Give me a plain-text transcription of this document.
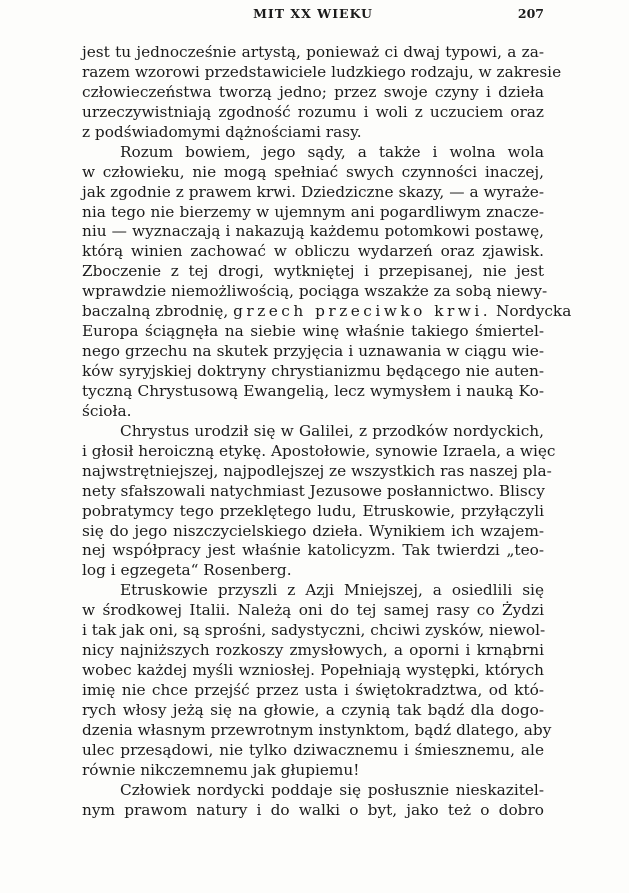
MIT XX WIEKU	207
jest tu jednocześnie artystą, ponieważ ci dwaj typowi, a za-
razem wzorowi przedstawiciele ludzkiego rodzaju, w zakresie
człowieczeństwa tworzą jedno; przez swoje czyny i dzieła
urzeczywistniają zgodność rozumu i woli z uczuciem oraz
z podświadomymi dążnościami rasy.
Rozum bowiem, jego sądy, a także i wolna wola
w człowieku, nie mogą spełniać swych czynności inaczej,
jak zgodnie z prawem krwi. Dziedziczne skazy, — a wyraże-
nia tego nie bierzemy w ujemnym ani pogardliwym znacze-
niu — wyznaczają i nakazują każdemu potomkowi postawę,
którą winien zachować w obliczu wydarzeń oraz zjawisk.
Zboczenie z tej drogi, wytkniętej i przepisanej, nie jest
wprawdzie niemożliwością, pociąga wszakże za sobą niewy-
baczalną zbrodnię, grzech przeciwko krwi. Nordycka
Europa ściągnęła na siebie winę właśnie takiego śmiertel-
nego grzechu na skutek przyjęcia i uznawania w ciągu wie-
ków syryjskiej doktryny chrystianizmu będącego nie auten-
tyczną Chrystusową Ewangelią, lecz wymysłem i nauką Ko-
ścioła.
Chrystus urodził się w Galilei, z przodków nordyckich,
i głosił heroiczną etykę. Apostołowie, synowie Izraela, a więc
najwstrętniejszej, najpodlejszej ze wszystkich ras naszej pla-
nety sfałszowali natychmiast Jezusowe posłannictwo. Bliscy
pobratymcy tego przeklętego ludu, Etruskowie, przyłączyli
się do jego niszczycielskiego dzieła. Wynikiem ich wzajem-
nej współpracy jest właśnie katolicyzm. Tak twierdzi „teo-
log i egzegeta“ Rosenberg.
Etruskowie przyszli z Azji Mniejszej, a osiedlili się
w środkowej Italii. Należą oni do tej samej rasy co Żydzi
i tak jak oni, są sprośni, sadystyczni, chciwi zysków, niewol-
nicy najniższych rozkoszy zmysłowych, a oporni i krnąbrni
wobec każdej myśli wzniosłej. Popełniają występki, których
imię nie chce przejść przez usta i świętokradztwa, od któ-
rych włosy jeżą się na głowie, a czynią tak bądź dla dogo-
dzenia własnym przewrotnym instynktom, bądź dlatego, aby
ulec przesądowi, nie tylko dziwacznemu i śmiesznemu, ale
równie nikczemnemu jak głupiemu!
Człowiek nordycki poddaje się posłusznie nieskazitel-
nym prawom natury i do walki o byt, jako też o dobro
